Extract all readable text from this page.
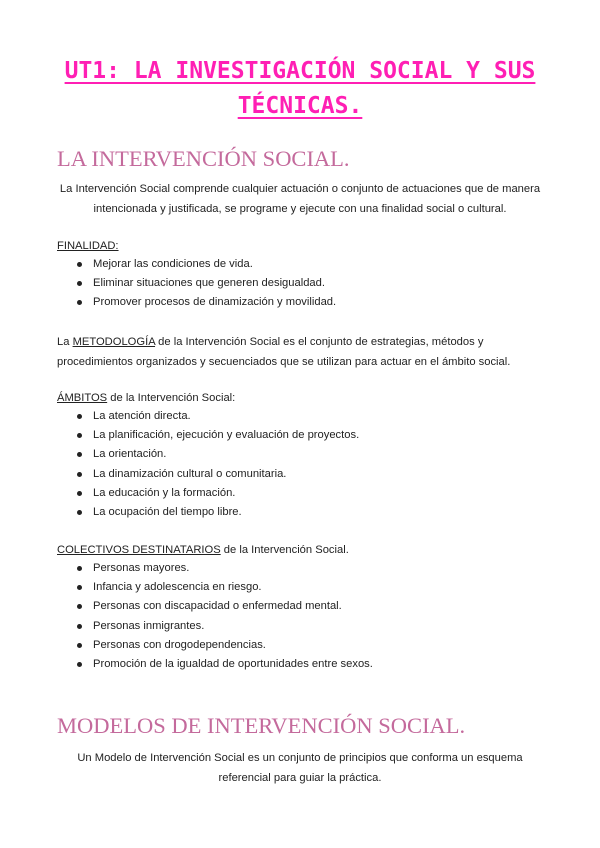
UT1: LA INVESTIGACIÓN SOCIAL Y SUS TÉCNICAS.
LA INTERVENCIÓN SOCIAL.

La Intervención Social comprende cualquier actuación o conjunto de actuaciones que de manera intencionada y justificada, se programe y ejecute con una finalidad social o cultural.

FINALIDAD:

Mejorar las condiciones de vida.
Eliminar situaciones que generen desigualdad.
Promover procesos de dinamización y movilidad.

La METODOLOGÍA de la Intervención Social es el conjunto de estrategias, métodos y procedimientos organizados y secuenciados que se utilizan para actuar en el ámbito social.

ÁMBITOS de la Intervención Social:

La atención directa.
La planificación, ejecución y evaluación de proyectos.
La orientación.
La dinamización cultural o comunitaria.
La educación y la formación.
La ocupación del tiempo libre.

COLECTIVOS DESTINATARIOS de la Intervención Social.

Personas mayores.
Infancia y adolescencia en riesgo.
Personas con discapacidad o enfermedad mental.
Personas inmigrantes.
Personas con drogodependencias.
Promoción de la igualdad de oportunidades entre sexos.
MODELOS DE INTERVENCIÓN SOCIAL.

Un Modelo de Intervención Social es un conjunto de principios que conforma un esquema referencial para guiar la práctica.
